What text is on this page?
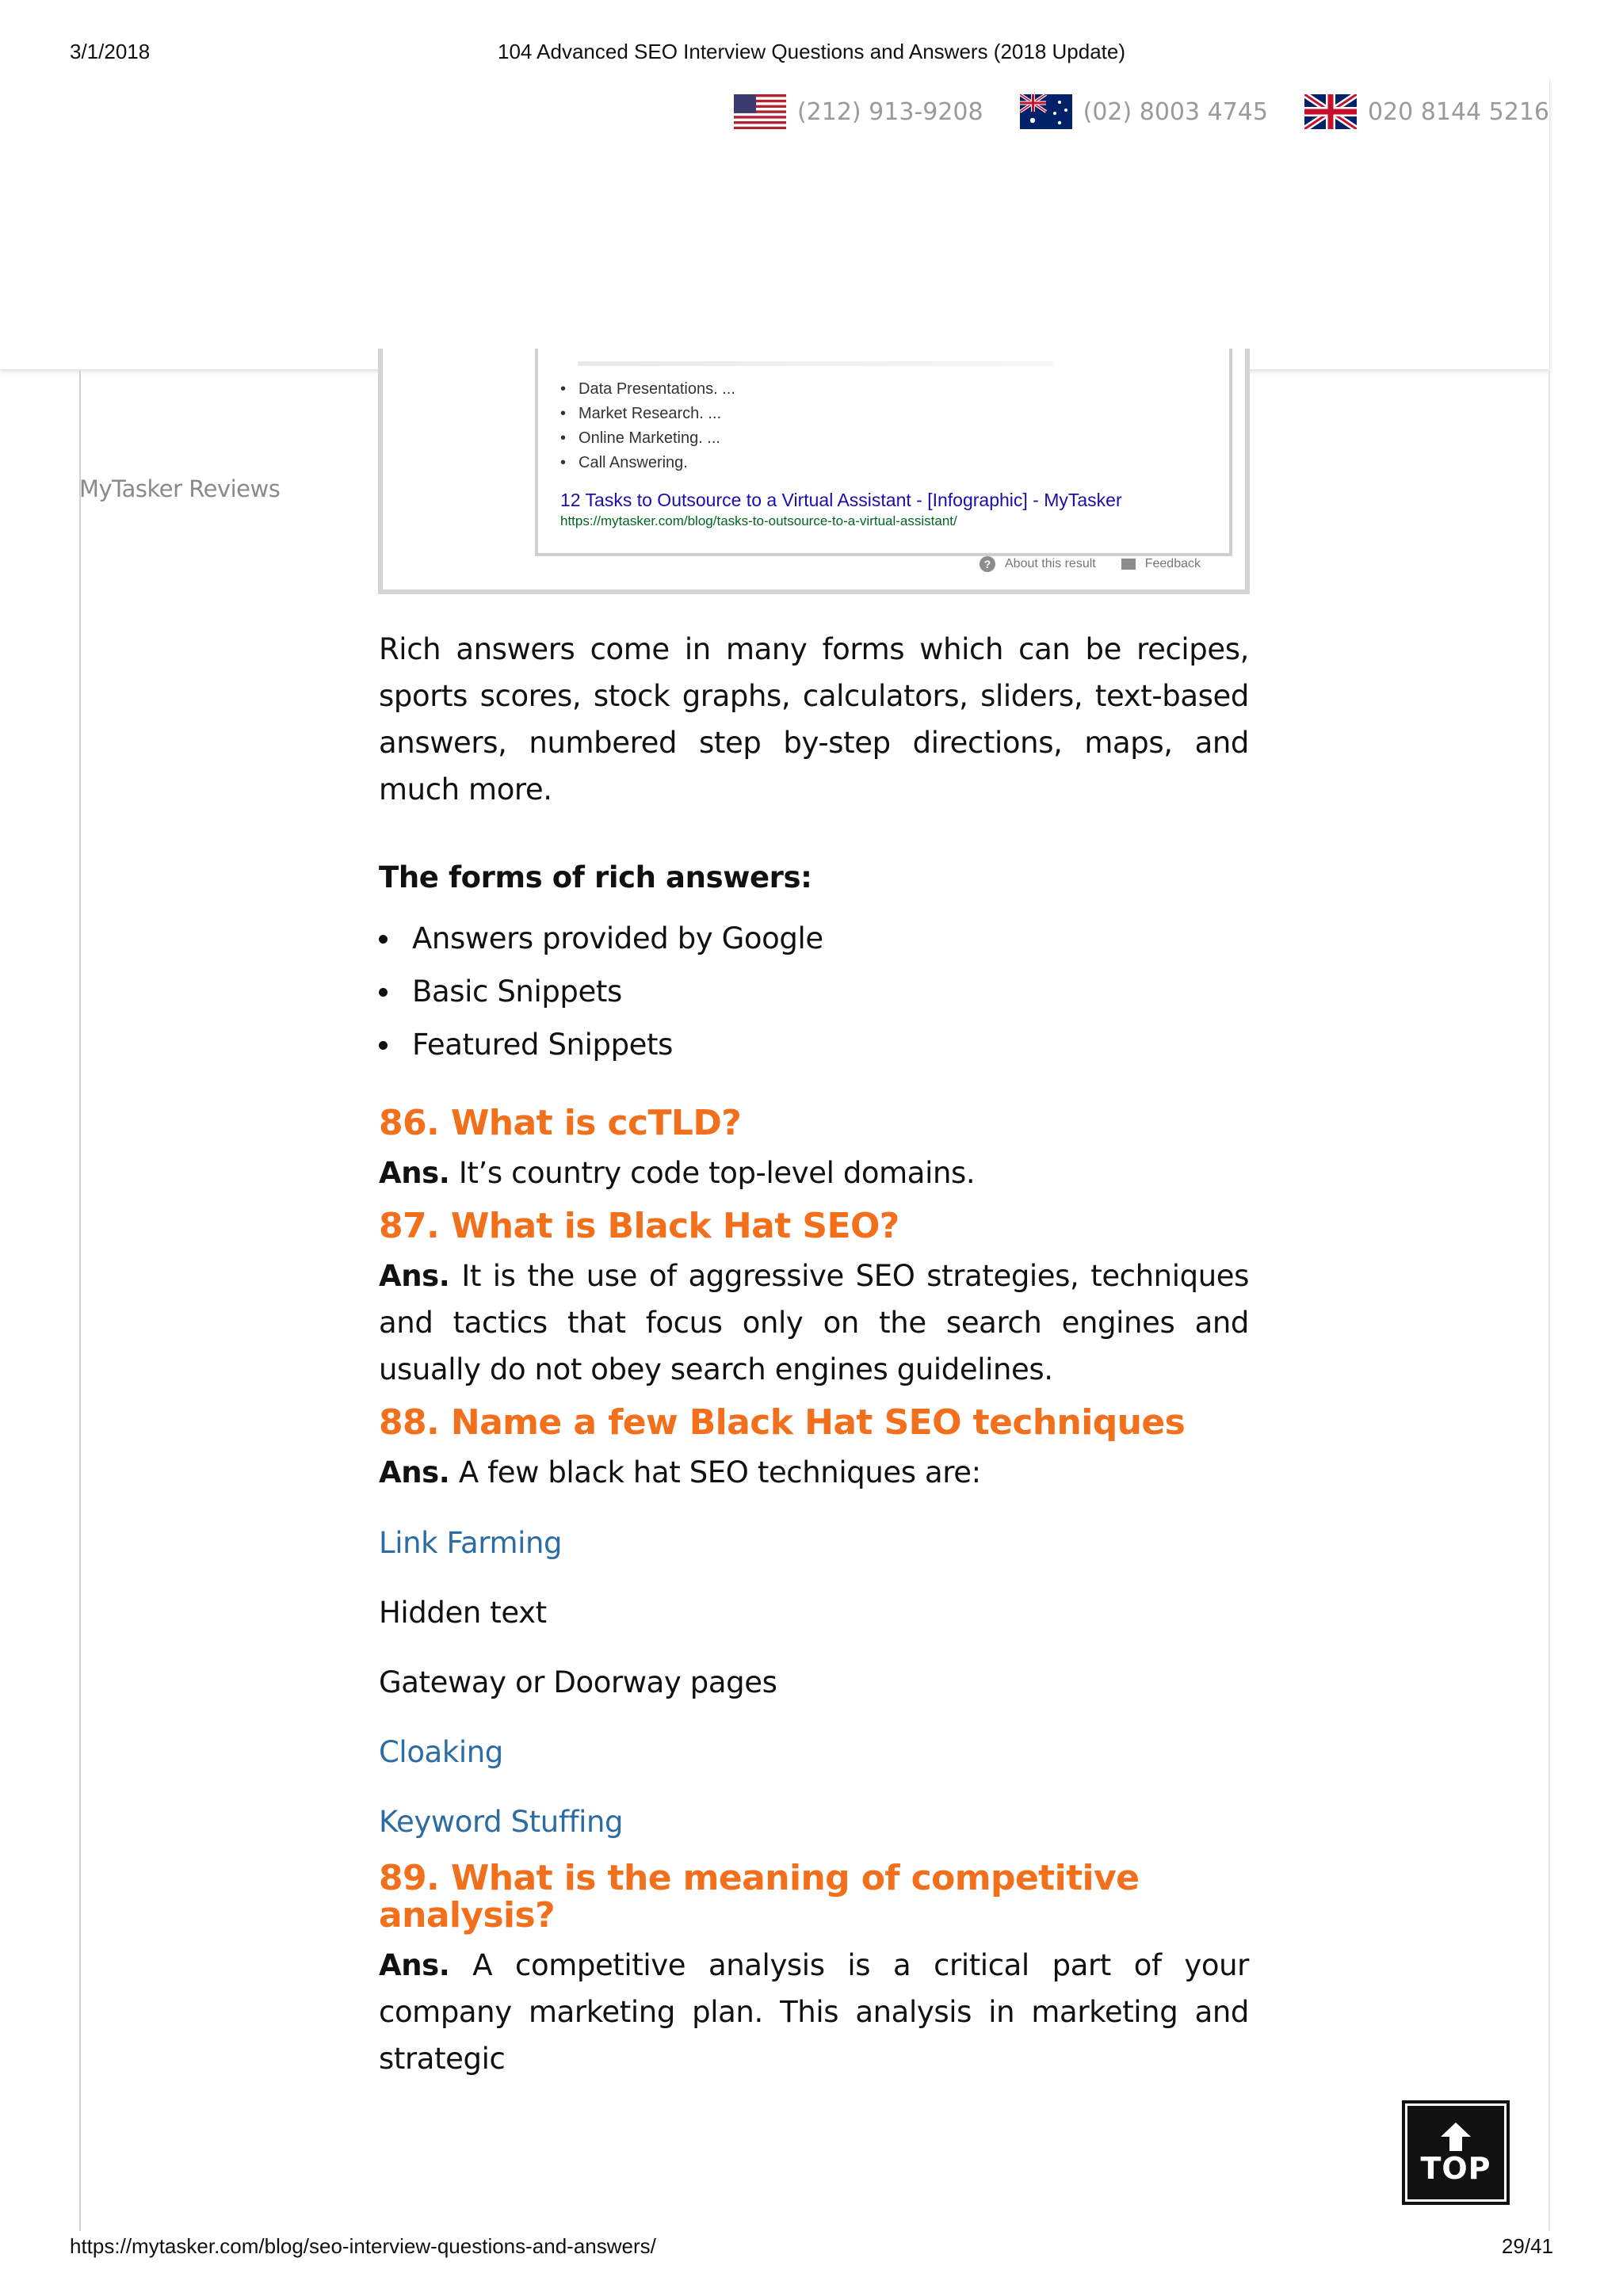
3/1/2018	104 Advanced SEO Interview Questions and Answers (2018 Update)
(212) 913-9208	(02) 8003 4745	020 8144 5216
MyTasker Reviews
• Data Presentations. ...
• Market Research. ...
• Online Marketing. ...
• Call Answering.
12 Tasks to Outsource to a Virtual Assistant - [Infographic] - MyTasker
https://mytasker.com/blog/tasks-to-outsource-to-a-virtual-assistant/
?	About this result	Feedback

Rich answers come in many forms which can be recipes, sports scores, stock graphs, calculators, sliders, text-based answers, numbered step by-step directions, maps, and much more.

The forms of rich answers:
Answers provided by Google
Basic Snippets
Featured Snippets
86. What is ccTLD?

Ans. It’s country code top-level domains.

87. What is Black Hat SEO?

Ans. It is the use of aggressive SEO strategies, techniques and tactics that focus only on the search engines and usually do not obey search engines guidelines.

88. Name a few Black Hat SEO techniques

Ans. A few black hat SEO techniques are:

Link Farming
Hidden text
Gateway or Doorway pages
Cloaking
Keyword Stuffing
89. What is the meaning of competitive
analysis?

Ans. A competitive analysis is a critical part of your company marketing plan. This analysis in marketing and strategic

TOP
https://mytasker.com/blog/seo-interview-questions-and-answers/	29/41
